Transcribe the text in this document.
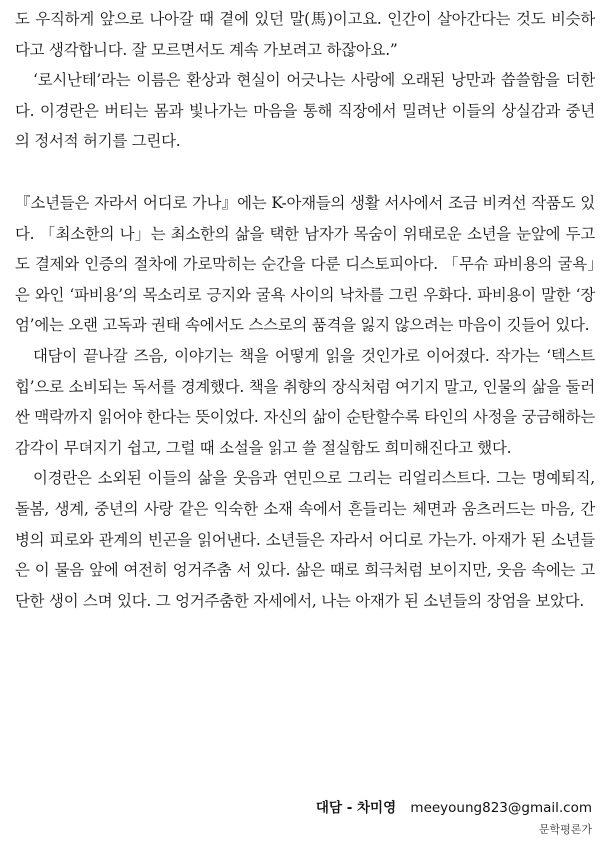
도 우직하게 앞으로 나아갈 때 곁에 있던 말(馬)이고요. 인간이 살아간다는 것도 비슷하다고 생각합니다. 잘 모르면서도 계속 가보려고 하잖아요.”

‘로시난테’라는 이름은 환상과 현실이 어긋나는 사랑에 오래된 낭만과 씁쓸함을 더한다. 이경란은 버티는 몸과 빛나가는 마음을 통해 직장에서 밀려난 이들의 상실감과 중년의 정서적 허기를 그린다.

『소년들은 자라서 어디로 가나』에는 K-아재들의 생활 서사에서 조금 비켜선 작품도 있다. 「최소한의 나」는 최소한의 삶을 택한 남자가 목숨이 위태로운 소년을 눈앞에 두고도 결제와 인증의 절차에 가로막히는 순간을 다룬 디스토피아다. 「무슈 파비용의 굴욕」은 와인 ‘파비용’의 목소리로 긍지와 굴욕 사이의 낙차를 그린 우화다. 파비용이 말한 ‘장엄’에는 오랜 고독과 권태 속에서도 스스로의 품격을 잃지 않으려는 마음이 깃들어 있다.

대담이 끝나갈 즈음, 이야기는 책을 어떻게 읽을 것인가로 이어졌다. 작가는 ‘텍스트 힙’으로 소비되는 독서를 경계했다. 책을 취향의 장식처럼 여기지 말고, 인물의 삶을 둘러싼 맥락까지 읽어야 한다는 뜻이었다. 자신의 삶이 순탄할수록 타인의 사정을 궁금해하는 감각이 무뎌지기 쉽고, 그럴 때 소설을 읽고 쓸 절실함도 희미해진다고 했다.

이경란은 소외된 이들의 삶을 웃음과 연민으로 그리는 리얼리스트다. 그는 명예퇴직, 돌봄, 생계, 중년의 사랑 같은 익숙한 소재 속에서 흔들리는 체면과 움츠러드는 마음, 간병의 피로와 관계의 빈곤을 읽어낸다. 소년들은 자라서 어디로 가는가. 아재가 된 소년들은 이 물음 앞에 여전히 엉거주춤 서 있다. 삶은 때로 희극처럼 보이지만, 웃음 속에는 고단한 생이 스며 있다. 그 엉거주춤한 자세에서, 나는 아재가 된 소년들의 장엄을 보았다.

대담 - 차미영 meeyoung823@gmail.com
문학평론가
